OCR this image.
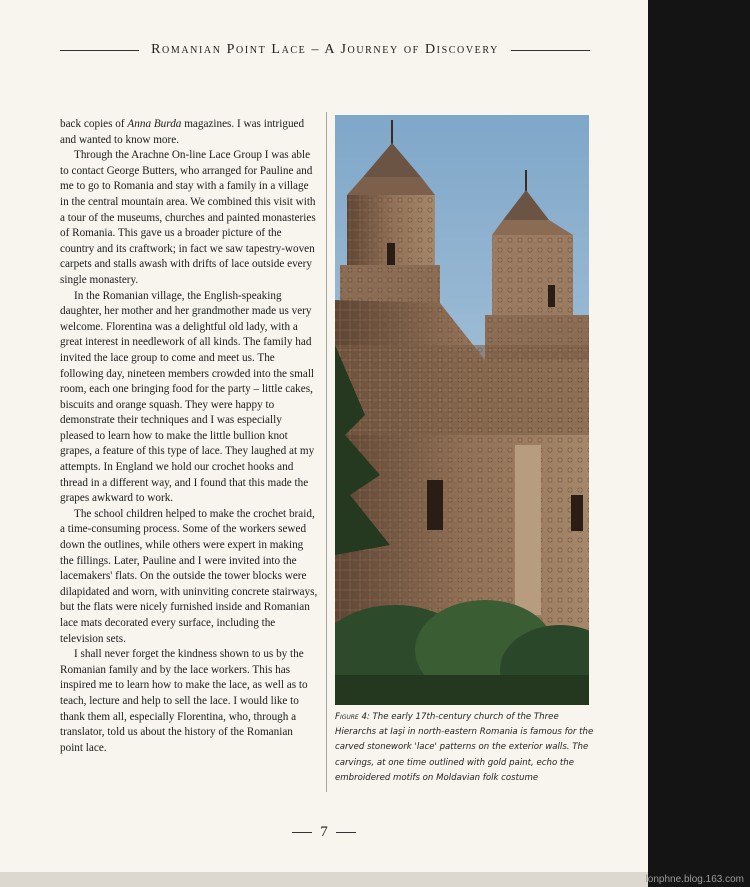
Romanian Point Lace – A Journey of Discovery

back copies of Anna Burda magazines. I was intrigued and wanted to know more.

Through the Arachne On-line Lace Group I was able to contact George Butters, who arranged for Pauline and me to go to Romania and stay with a family in a village in the central mountain area. We combined this visit with a tour of the museums, churches and painted monasteries of Romania. This gave us a broader picture of the country and its craftwork; in fact we saw tapestry-woven carpets and stalls awash with drifts of lace outside every single monastery.

In the Romanian village, the English-speaking daughter, her mother and her grandmother made us very welcome. Florentina was a delightful old lady, with a great interest in needlework of all kinds. The family had invited the lace group to come and meet us. The following day, nineteen members crowded into the small room, each one bringing food for the party – little cakes, biscuits and orange squash. They were happy to demonstrate their techniques and I was especially pleased to learn how to make the little bullion knot grapes, a feature of this type of lace. They laughed at my attempts. In England we hold our crochet hooks and thread in a different way, and I found that this made the grapes awkward to work.

The school children helped to make the crochet braid, a time-consuming process. Some of the workers sewed down the outlines, while others were expert in making the fillings. Later, Pauline and I were invited into the lacemakers' flats. On the outside the tower blocks were dilapidated and worn, with uninviting concrete stairways, but the flats were nicely furnished inside and Romanian lace mats decorated every surface, including the television sets.

I shall never forget the kindness shown to us by the Romanian family and by the lace workers. This has inspired me to learn how to make the lace, as well as to teach, lecture and help to sell the lace. I would like to thank them all, especially Florentina, who, through a translator, told us about the history of the Romanian point lace.

Figure 4: The early 17th-century church of the Three Hierarchs at Iaşi in north-eastern Romania is famous for the carved stonework 'lace' patterns on the exterior walls. The carvings, at one time outlined with gold paint, echo the embroidered motifs on Moldavian folk costume
7
lonphne.blog.163.com
